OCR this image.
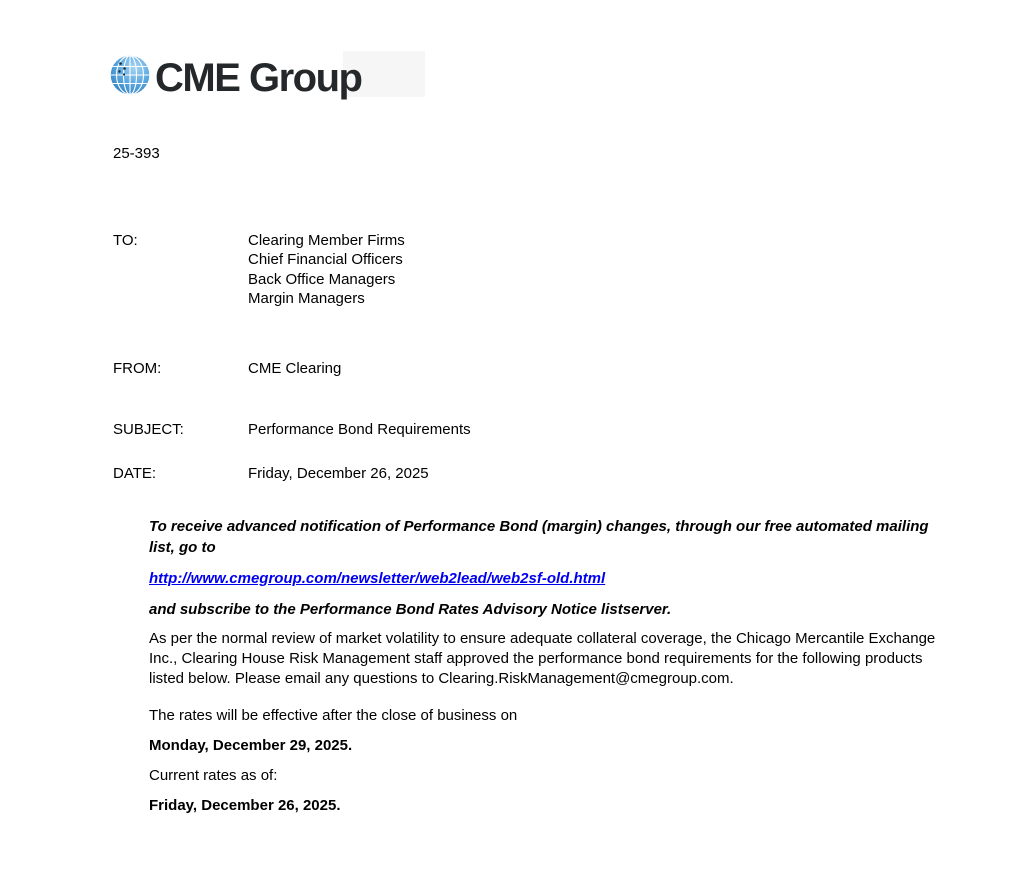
CME Group
25-393
TO:	Clearing Member Firms
Chief Financial Officers
Back Office Managers
Margin Managers
FROM:	CME Clearing
SUBJECT:	Performance Bond Requirements
DATE:	Friday, December 26, 2025
To receive advanced notification of Performance Bond (margin) changes, through our free automated mailing list, go to
http://www.cmegroup.com/newsletter/web2lead/web2sf-old.html
and subscribe to the Performance Bond Rates Advisory Notice listserver.
As per the normal review of market volatility to ensure adequate collateral coverage, the Chicago Mercantile Exchange Inc., Clearing House Risk Management staff approved the performance bond requirements for the following products listed below. Please email any questions to Clearing.RiskManagement@cmegroup.com.
The rates will be effective after the close of business on
Monday, December 29, 2025.
Current rates as of:
Friday, December 26, 2025.
